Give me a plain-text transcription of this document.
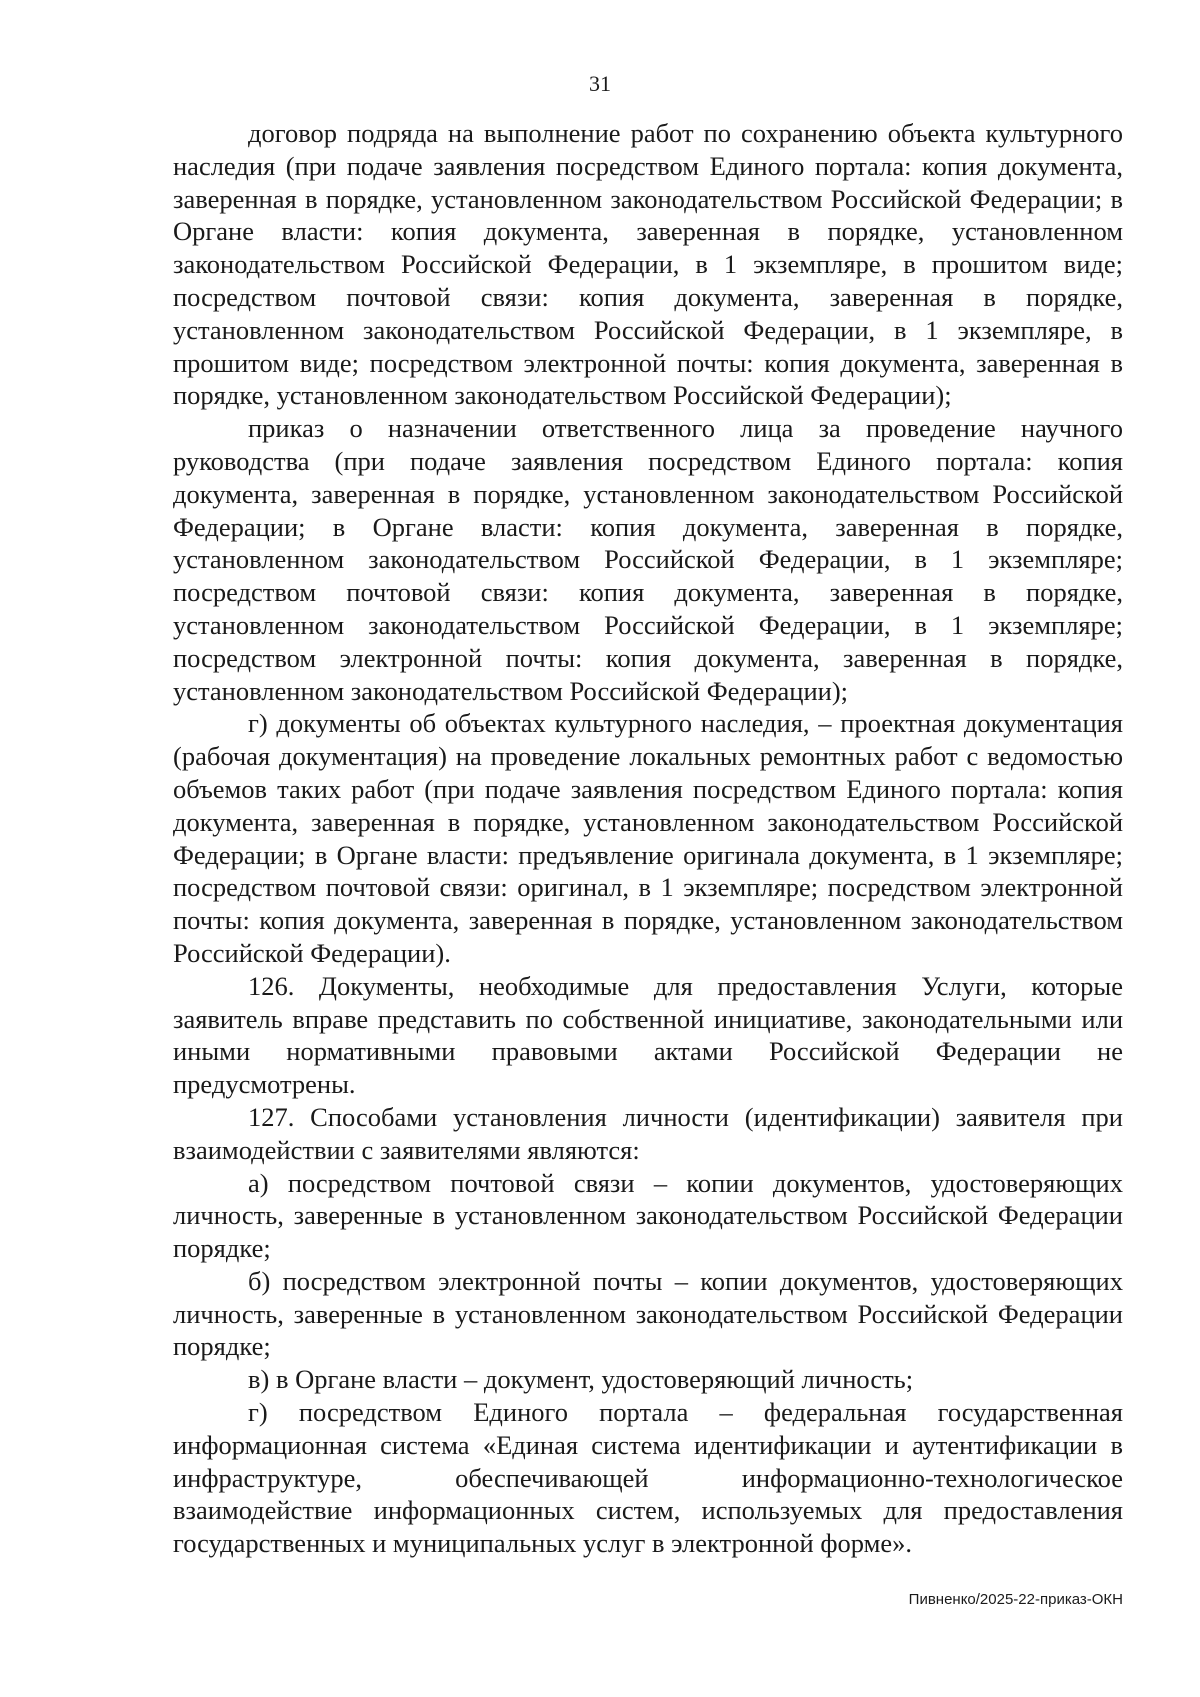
31

договор подряда на выполнение работ по сохранению объекта культурного наследия (при подаче заявления посредством Единого портала: копия документа, заверенная в порядке, установленном законодательством Российской Федерации; в Органе власти: копия документа, заверенная в порядке, установленном законодательством Российской Федерации, в 1 экземпляре, в прошитом виде; посредством почтовой связи: копия документа, заверенная в порядке, установленном законодательством Российской Федерации, в 1 экземпляре, в прошитом виде; посредством электронной почты: копия документа, заверенная в порядке, установленном законодательством Российской Федерации);

приказ о назначении ответственного лица за проведение научного руководства (при подаче заявления посредством Единого портала: копия документа, заверенная в порядке, установленном законодательством Российской Федерации; в Органе власти: копия документа, заверенная в порядке, установленном законодательством Российской Федерации, в 1 экземпляре; посредством почтовой связи: копия документа, заверенная в порядке, установленном законодательством Российской Федерации, в 1 экземпляре; посредством электронной почты: копия документа, заверенная в порядке, установленном законодательством Российской Федерации);

г) документы об объектах культурного наследия, – проектная документация (рабочая документация) на проведение локальных ремонтных работ с ведомостью объемов таких работ (при подаче заявления посредством Единого портала: копия документа, заверенная в порядке, установленном законодательством Российской Федерации; в Органе власти: предъявление оригинала документа, в 1 экземпляре; посредством почтовой связи: оригинал, в 1 экземпляре; посредством электронной почты: копия документа, заверенная в порядке, установленном законодательством Российской Федерации).

126. Документы, необходимые для предоставления Услуги, которые заявитель вправе представить по собственной инициативе, законодательными или иными нормативными правовыми актами Российской Федерации не предусмотрены.

127. Способами установления личности (идентификации) заявителя при взаимодействии с заявителями являются:

а) посредством почтовой связи – копии документов, удостоверяющих личность, заверенные в установленном законодательством Российской Федерации порядке;

б) посредством электронной почты – копии документов, удостоверяющих личность, заверенные в установленном законодательством Российской Федерации порядке;

в) в Органе власти – документ, удостоверяющий личность;

г) посредством Единого портала – федеральная государственная информационная система «Единая система идентификации и аутентификации в инфраструктуре, обеспечивающей информационно-технологическое взаимодействие информационных систем, используемых для предоставления государственных и муниципальных услуг в электронной форме».

Пивненко/2025-22-приказ-ОКН
